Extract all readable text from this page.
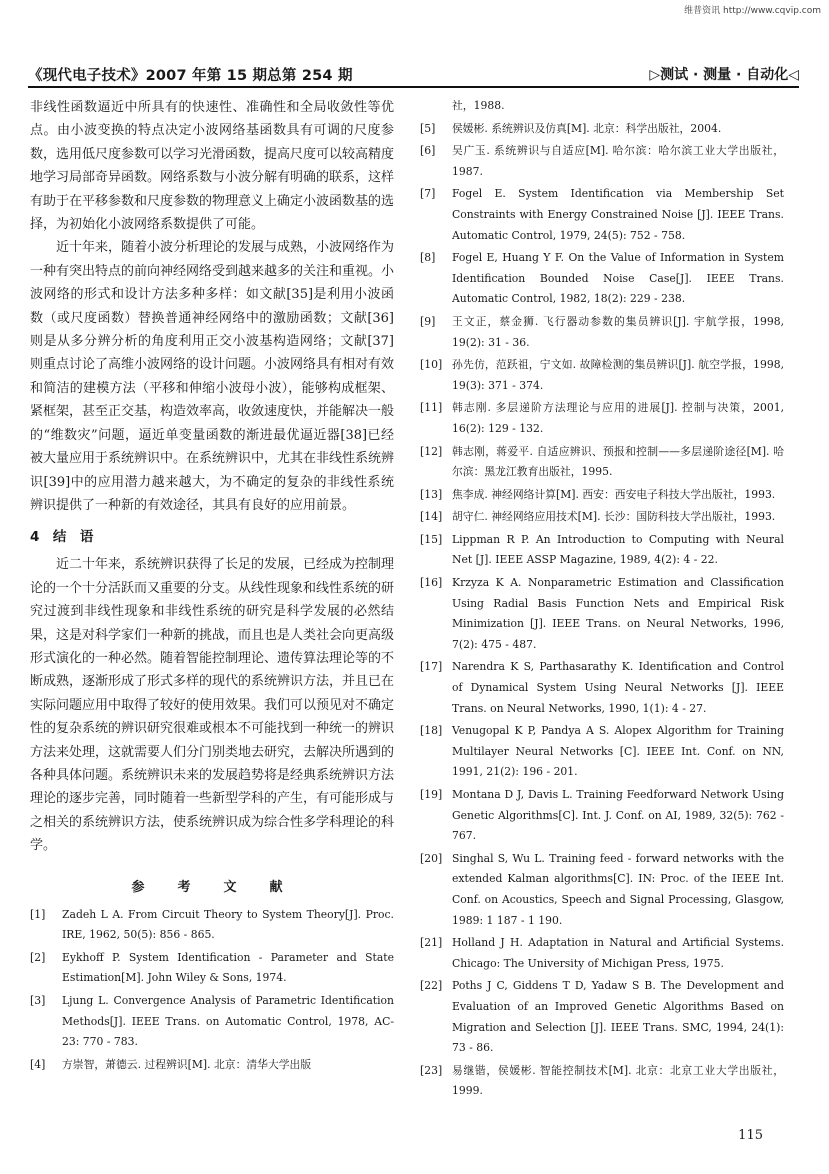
维普资讯 http://www.cqvip.com
《现代电子技术》2007 年第 15 期总第 254 期	▷测试 · 测量 · 自动化◁

非线性函数逼近中所具有的快速性、准确性和全局收敛性等优点。由小波变换的特点决定小波网络基函数具有可调的尺度参数，选用低尺度参数可以学习光滑函数，提高尺度可以较高精度地学习局部奇异函数。网络系数与小波分解有明确的联系，这样有助于在平移参数和尺度参数的物理意义上确定小波函数基的选择，为初始化小波网络系数提供了可能。

近十年来，随着小波分析理论的发展与成熟，小波网络作为一种有突出特点的前向神经网络受到越来越多的关注和重视。小波网络的形式和设计方法多种多样：如文献[35]是利用小波函数（或尺度函数）替换普通神经网络中的激励函数；文献[36]则是从多分辨分析的角度利用正交小波基构造网络；文献[37]则重点讨论了高维小波网络的设计问题。小波网络具有相对有效和简洁的建模方法（平移和伸缩小波母小波），能够构成框架、紧框架，甚至正交基，构造效率高，收敛速度快，并能解决一般的“维数灾”问题，逼近单变量函数的渐进最优逼近器[38]已经被大量应用于系统辨识中。在系统辨识中，尤其在非线性系统辨识[39]中的应用潜力越来越大，为不确定的复杂的非线性系统辨识提供了一种新的有效途径，其具有良好的应用前景。

4　结　语

近二十年来，系统辨识获得了长足的发展，已经成为控制理论的一个十分活跃而又重要的分支。从线性现象和线性系统的研究过渡到非线性现象和非线性系统的研究是科学发展的必然结果，这是对科学家们一种新的挑战，而且也是人类社会向更高级形式演化的一种必然。随着智能控制理论、遗传算法理论等的不断成熟，逐渐形成了形式多样的现代的系统辨识方法，并且已在实际问题应用中取得了较好的使用效果。我们可以预见对不确定性的复杂系统的辨识研究很难或根本不可能找到一种统一的辨识方法来处理，这就需要人们分门别类地去研究，去解决所遇到的各种具体问题。系统辨识未来的发展趋势将是经典系统辨识方法理论的逐步完善，同时随着一些新型学科的产生，有可能形成与之相关的系统辨识方法，使系统辨识成为综合性多学科理论的科学。

参　考　文　献
[1] Zadeh L A. From Circuit Theory to System Theory[J]. Proc. IRE, 1962, 50(5): 856 - 865.
[2] Eykhoff P. System Identification - Parameter and State Estimation[M]. John Wiley & Sons, 1974.
[3] Ljung L. Convergence Analysis of Parametric Identification Methods[J]. IEEE Trans. on Automatic Control, 1978, AC-23: 770 - 783.
[4] 方崇智，萧德云. 过程辨识[M]. 北京：清华大学出版
社，1988.
[5] 侯媛彬. 系统辨识及仿真[M]. 北京：科学出版社，2004.
[6] 吴广玉. 系统辨识与自适应[M]. 哈尔滨：哈尔滨工业大学出版社，1987.
[7] Fogel E. System Identification via Membership Set Constraints with Energy Constrained Noise [J]. IEEE Trans. Automatic Control, 1979, 24(5): 752 - 758.
[8] Fogel E, Huang Y F. On the Value of Information in System Identification Bounded Noise Case[J]. IEEE Trans. Automatic Control, 1982, 18(2): 229 - 238.
[9] 王文正，蔡金狮. 飞行器动参数的集员辨识[J]. 宇航学报，1998, 19(2): 31 - 36.
[10] 孙先仿，范跃祖，宁文如. 故障检测的集员辨识[J]. 航空学报，1998, 19(3): 371 - 374.
[11] 韩志刚. 多层递阶方法理论与应用的进展[J]. 控制与决策，2001, 16(2): 129 - 132.
[12] 韩志刚，蒋爱平. 自适应辨识、预报和控制——多层递阶途径[M]. 哈尔滨：黑龙江教育出版社，1995.
[13] 焦李成. 神经网络计算[M]. 西安：西安电子科技大学出版社，1993.
[14] 胡守仁. 神经网络应用技术[M]. 长沙：国防科技大学出版社，1993.
[15] Lippman R P. An Introduction to Computing with Neural Net [J]. IEEE ASSP Magazine, 1989, 4(2): 4 - 22.
[16] Krzyza K A. Nonparametric Estimation and Classification Using Radial Basis Function Nets and Empirical Risk Minimization [J]. IEEE Trans. on Neural Networks, 1996, 7(2): 475 - 487.
[17] Narendra K S, Parthasarathy K. Identification and Control of Dynamical System Using Neural Networks [J]. IEEE Trans. on Neural Networks, 1990, 1(1): 4 - 27.
[18] Venugopal K P, Pandya A S. Alopex Algorithm for Training Multilayer Neural Networks [C]. IEEE Int. Conf. on NN, 1991, 21(2): 196 - 201.
[19] Montana D J, Davis L. Training Feedforward Network Using Genetic Algorithms[C]. Int. J. Conf. on AI, 1989, 32(5): 762 - 767.
[20] Singhal S, Wu L. Training feed - forward networks with the extended Kalman algorithms[C]. IN: Proc. of the IEEE Int. Conf. on Acoustics, Speech and Signal Processing, Glasgow, 1989: 1 187 - 1 190.
[21] Holland J H. Adaptation in Natural and Artificial Systems. Chicago: The University of Michigan Press, 1975.
[22] Poths J C, Giddens T D, Yadaw S B. The Development and Evaluation of an Improved Genetic Algorithms Based on Migration and Selection [J]. IEEE Trans. SMC, 1994, 24(1): 73 - 86.
[23] 易继锴，侯媛彬. 智能控制技术[M]. 北京：北京工业大学出版社，1999.
115
